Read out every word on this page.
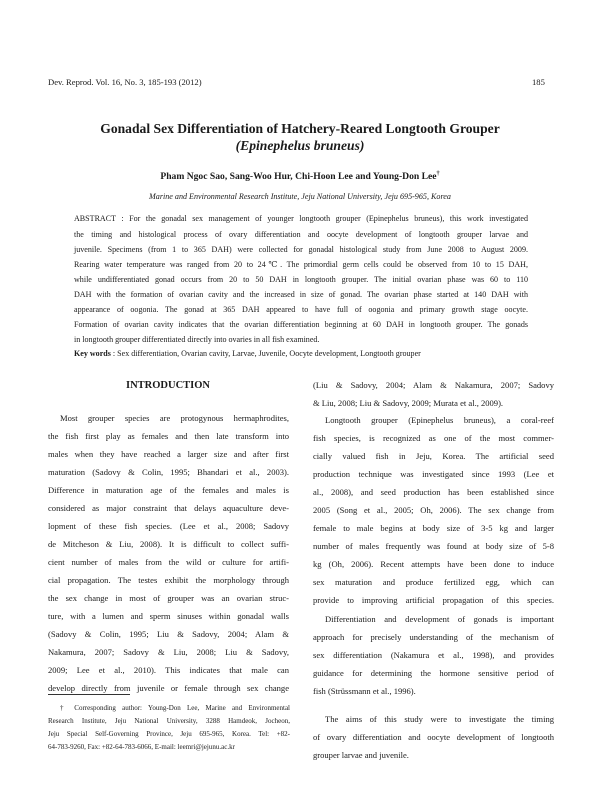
Dev. Reprod. Vol. 16, No. 3, 185-193 (2012)	185
Gonadal Sex Differentiation of Hatchery-Reared Longtooth Grouper
(Epinephelus bruneus)
Pham Ngoc Sao, Sang-Woo Hur, Chi-Hoon Lee and Young-Don Lee†
Marine and Environmental Research Institute, Jeju National University, Jeju 695-965, Korea
ABSTRACT : For the gonadal sex management of younger longtooth grouper (Epinephelus bruneus), this work investigated
the timing and histological process of ovary differentiation and oocyte development of longtooth grouper larvae and
juvenile. Specimens (from 1 to 365 DAH) were collected for gonadal histological study from June 2008 to August 2009.
Rearing water temperature was ranged from 20 to 24℃. The primordial germ cells could be observed from 10 to 15 DAH,
while undifferentiated gonad occurs from 20 to 50 DAH in longtooth grouper. The initial ovarian phase was 60 to 110
DAH with the formation of ovarian cavity and the increased in size of gonad. The ovarian phase started at 140 DAH with
appearance of oogonia. The gonad at 365 DAH appeared to have full of oogonia and primary growth stage oocyte.
Formation of ovarian cavity indicates that the ovarian differentiation beginning at 60 DAH in longtooth grouper. The gonads
in longtooth grouper differentiated directly into ovaries in all fish examined.
Key words : Sex differentiation, Ovarian cavity, Larvae, Juvenile, Oocyte development, Longtooth grouper
INTRODUCTION
Most grouper species are protogynous hermaphrodites,
the fish first play as females and then late transform into
males when they have reached a larger size and after first
maturation (Sadovy & Colin, 1995; Bhandari et al., 2003).
Difference in maturation age of the females and males is
considered as major constraint that delays aquaculture deve-
lopment of these fish species. (Lee et al., 2008; Sadovy
de Mitcheson & Liu, 2008). It is difficult to collect suffi-
cient number of males from the wild or culture for artifi-
cial propagation. The testes exhibit the morphology through
the sex change in most of grouper was an ovarian struc-
ture, with a lumen and sperm sinuses within gonadal walls
(Sadovy & Colin, 1995; Liu & Sadovy, 2004; Alam &
Nakamura, 2007; Sadovy & Liu, 2008; Liu & Sadovy,
2009; Lee et al., 2010). This indicates that male can
develop directly from juvenile or female through sex change
† Corresponding author: Young-Don Lee, Marine and Environmental
Research Institute, Jeju National University, 3288 Hamdeok, Jocheon,
Jeju Special Self-Governing Province, Jeju 695-965, Korea. Tel: +82-
64-783-9260, Fax: +82-64-783-6066, E-mail: leemri@jejunu.ac.kr
(Liu & Sadovy, 2004; Alam & Nakamura, 2007; Sadovy
& Liu, 2008; Liu & Sadovy, 2009; Murata et al., 2009).
Longtooth grouper (Epinephelus bruneus), a coral-reef
fish species, is recognized as one of the most commer-
cially valued fish in Jeju, Korea. The artificial seed
production technique was investigated since 1993 (Lee et
al., 2008), and seed production has been established since
2005 (Song et al., 2005; Oh, 2006). The sex change from
female to male begins at body size of 3-5 kg and larger
number of males frequently was found at body size of 5-8
kg (Oh, 2006). Recent attempts have been done to induce
sex maturation and produce fertilized egg, which can
provide to improving artificial propagation of this species.
Differentiation and development of gonads is important
approach for precisely understanding of the mechanism of
sex differentiation (Nakamura et al., 1998), and provides
guidance for determining the hormone sensitive period of
fish (Strüssmann et al., 1996).
The aims of this study were to investigate the timing
of ovary differentiation and oocyte development of longtooth
grouper larvae and juvenile.
